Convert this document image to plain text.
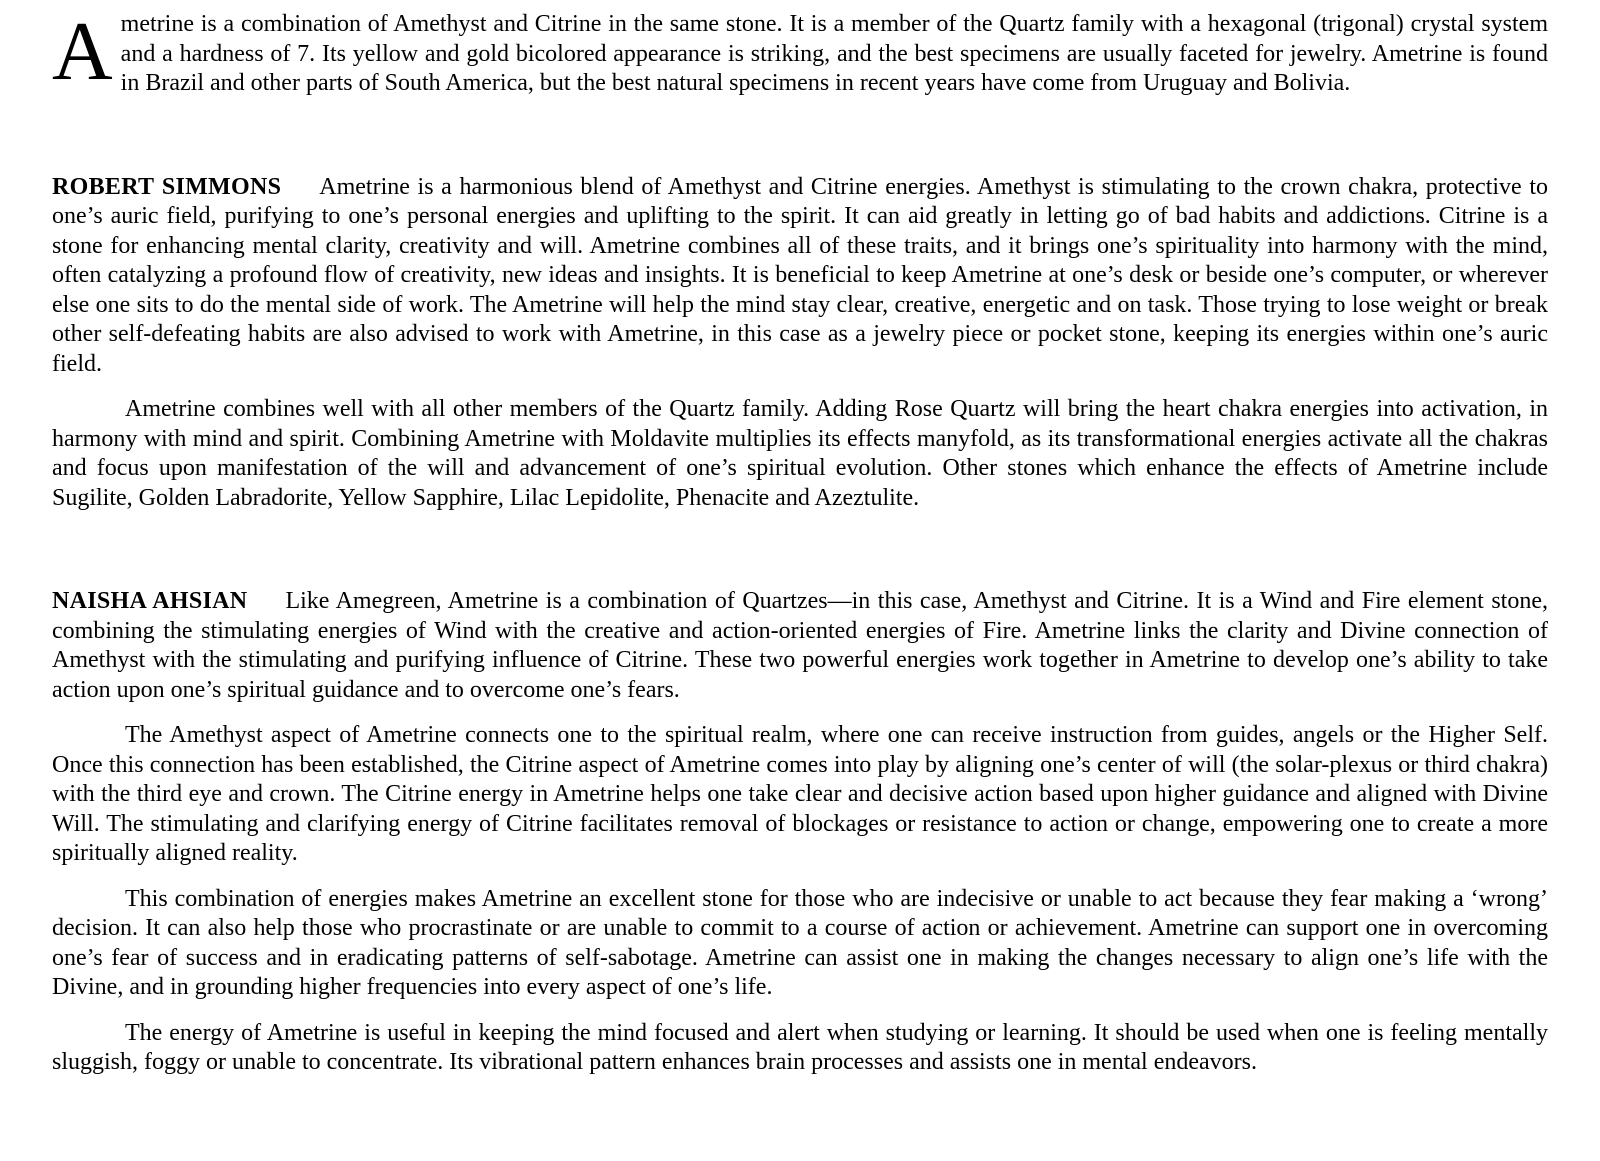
Ametrine is a combination of Amethyst and Citrine in the same stone. It is a member of the Quartz family with a hexagonal (trigonal) crystal system and a hardness of 7. Its yellow and gold bicolored appearance is striking, and the best specimens are usually faceted for jewelry. Ametrine is found in Brazil and other parts of South America, but the best natural specimens in recent years have come from Uruguay and Bolivia.

ROBERT SIMMONS Ametrine is a harmonious blend of Amethyst and Citrine energies. Amethyst is stimulating to the crown chakra, protective to one’s auric field, purifying to one’s personal energies and uplifting to the spirit. It can aid greatly in letting go of bad habits and addictions. Citrine is a stone for enhancing mental clarity, creativity and will. Ametrine combines all of these traits, and it brings one’s spirituality into harmony with the mind, often catalyzing a profound flow of creativity, new ideas and insights. It is beneficial to keep Ametrine at one’s desk or beside one’s computer, or wherever else one sits to do the mental side of work. The Ametrine will help the mind stay clear, creative, energetic and on task. Those trying to lose weight or break other self-defeating habits are also advised to work with Ametrine, in this case as a jewelry piece or pocket stone, keeping its energies within one’s auric field.

Ametrine combines well with all other members of the Quartz family. Adding Rose Quartz will bring the heart chakra energies into activation, in harmony with mind and spirit. Combining Ametrine with Moldavite multiplies its effects manyfold, as its transformational energies activate all the chakras and focus upon manifestation of the will and advancement of one’s spiritual evolution. Other stones which enhance the effects of Ametrine include Sugilite, Golden Labradorite, Yellow Sapphire, Lilac Lepidolite, Phenacite and Azeztulite.

NAISHA AHSIAN Like Amegreen, Ametrine is a combination of Quartzes—in this case, Amethyst and Citrine. It is a Wind and Fire element stone, combining the stimulating energies of Wind with the creative and action-oriented energies of Fire. Ametrine links the clarity and Divine connection of Amethyst with the stimulating and purifying influence of Citrine. These two powerful energies work together in Ametrine to develop one’s ability to take action upon one’s spiritual guidance and to overcome one’s fears.

The Amethyst aspect of Ametrine connects one to the spiritual realm, where one can receive instruction from guides, angels or the Higher Self. Once this connection has been established, the Citrine aspect of Ametrine comes into play by aligning one’s center of will (the solar-plexus or third chakra) with the third eye and crown. The Citrine energy in Ametrine helps one take clear and decisive action based upon higher guidance and aligned with Divine Will. The stimulating and clarifying energy of Citrine facilitates removal of blockages or resistance to action or change, empowering one to create a more spiritually aligned reality.

This combination of energies makes Ametrine an excellent stone for those who are indecisive or unable to act because they fear making a ‘wrong’ decision. It can also help those who procrastinate or are unable to commit to a course of action or achievement. Ametrine can support one in overcoming one’s fear of success and in eradicating patterns of self-sabotage. Ametrine can assist one in making the changes necessary to align one’s life with the Divine, and in grounding higher frequencies into every aspect of one’s life.

The energy of Ametrine is useful in keeping the mind focused and alert when studying or learning. It should be used when one is feeling mentally sluggish, foggy or unable to concentrate. Its vibrational pattern enhances brain processes and assists one in mental endeavors.
